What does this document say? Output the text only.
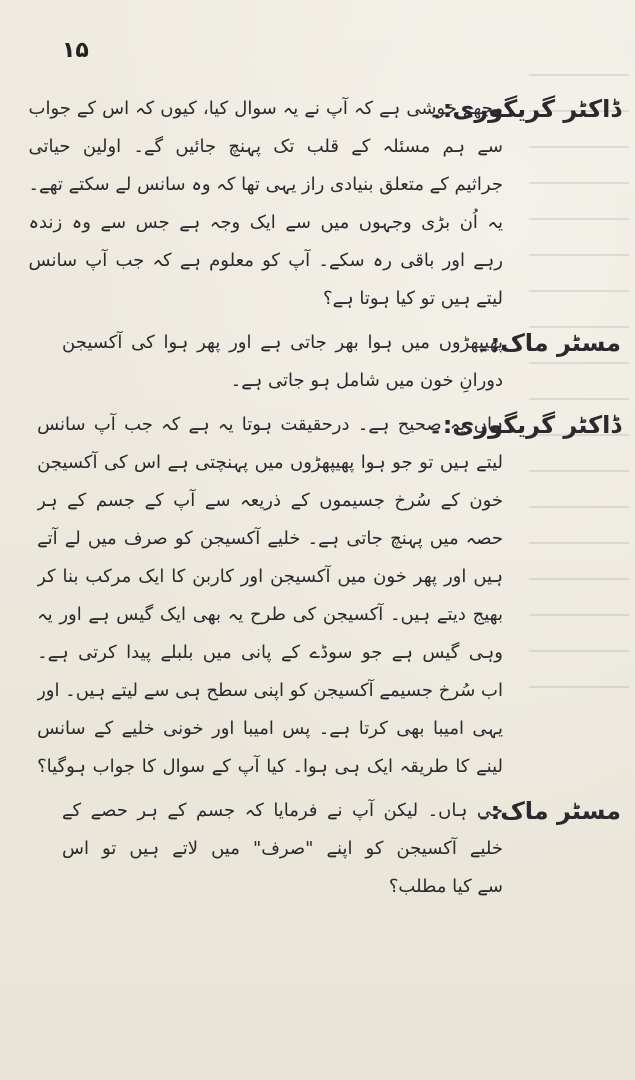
۱۵
ڈاکٹر گریگوری:۔
مجھے خوشی ہے کہ آپ نے یہ سوال کیا، کیوں کہ اس کے جواب
سے ہم مسئلہ کے قلب تک پہنچ جائیں گے۔ اولین حیاتی
جراثیم کے متعلق بنیادی راز یہی تھا کہ وہ سانس لے سکتے تھے۔
یہ اُن بڑی وجہوں میں سے ایک وجہ ہے جس سے وہ زندہ
رہے اور باقی رہ سکے۔ آپ کو معلوم ہے کہ جب آپ سانس
لیتے ہیں تو کیا ہوتا ہے؟
مسٹر ماک:۔
پھیپھڑوں میں ہوا بھر جاتی ہے اور پھر ہوا کی آکسیجن
دورانِ خون میں شامل ہو جاتی ہے۔
ڈاکٹر گریگوری:۔
ہاں یہ صحیح ہے۔ درحقیقت ہوتا یہ ہے کہ جب آپ سانس
لیتے ہیں تو جو ہوا پھیپھڑوں میں پہنچتی ہے اس کی آکسیجن
خون کے سُرخ جسیموں کے ذریعہ سے آپ کے جسم کے ہر
حصہ میں پہنچ جاتی ہے۔ خلیے آکسیجن کو صرف میں لے آتے
ہیں اور پھر خون میں آکسیجن اور کاربن کا ایک مرکب بنا کر
بھیج دیتے ہیں۔ آکسیجن کی طرح یہ بھی ایک گیس ہے اور یہ
وہی گیس ہے جو سوڈے کے پانی میں بلبلے پیدا کرتی ہے۔
اب سُرخ جسیمے آکسیجن کو اپنی سطح ہی سے لیتے ہیں۔ اور
یہی امیبا بھی کرتا ہے۔ پس امیبا اور خونی خلیے کے سانس
لینے کا طریقہ ایک ہی ہوا۔ کیا آپ کے سوال کا جواب ہوگیا؟
مسٹر ماک:۔
جی ہاں۔ لیکن آپ نے فرمایا کہ جسم کے ہر حصے کے
خلیے آکسیجن کو اپنے "صرف" میں لاتے ہیں تو اس
سے کیا مطلب؟
